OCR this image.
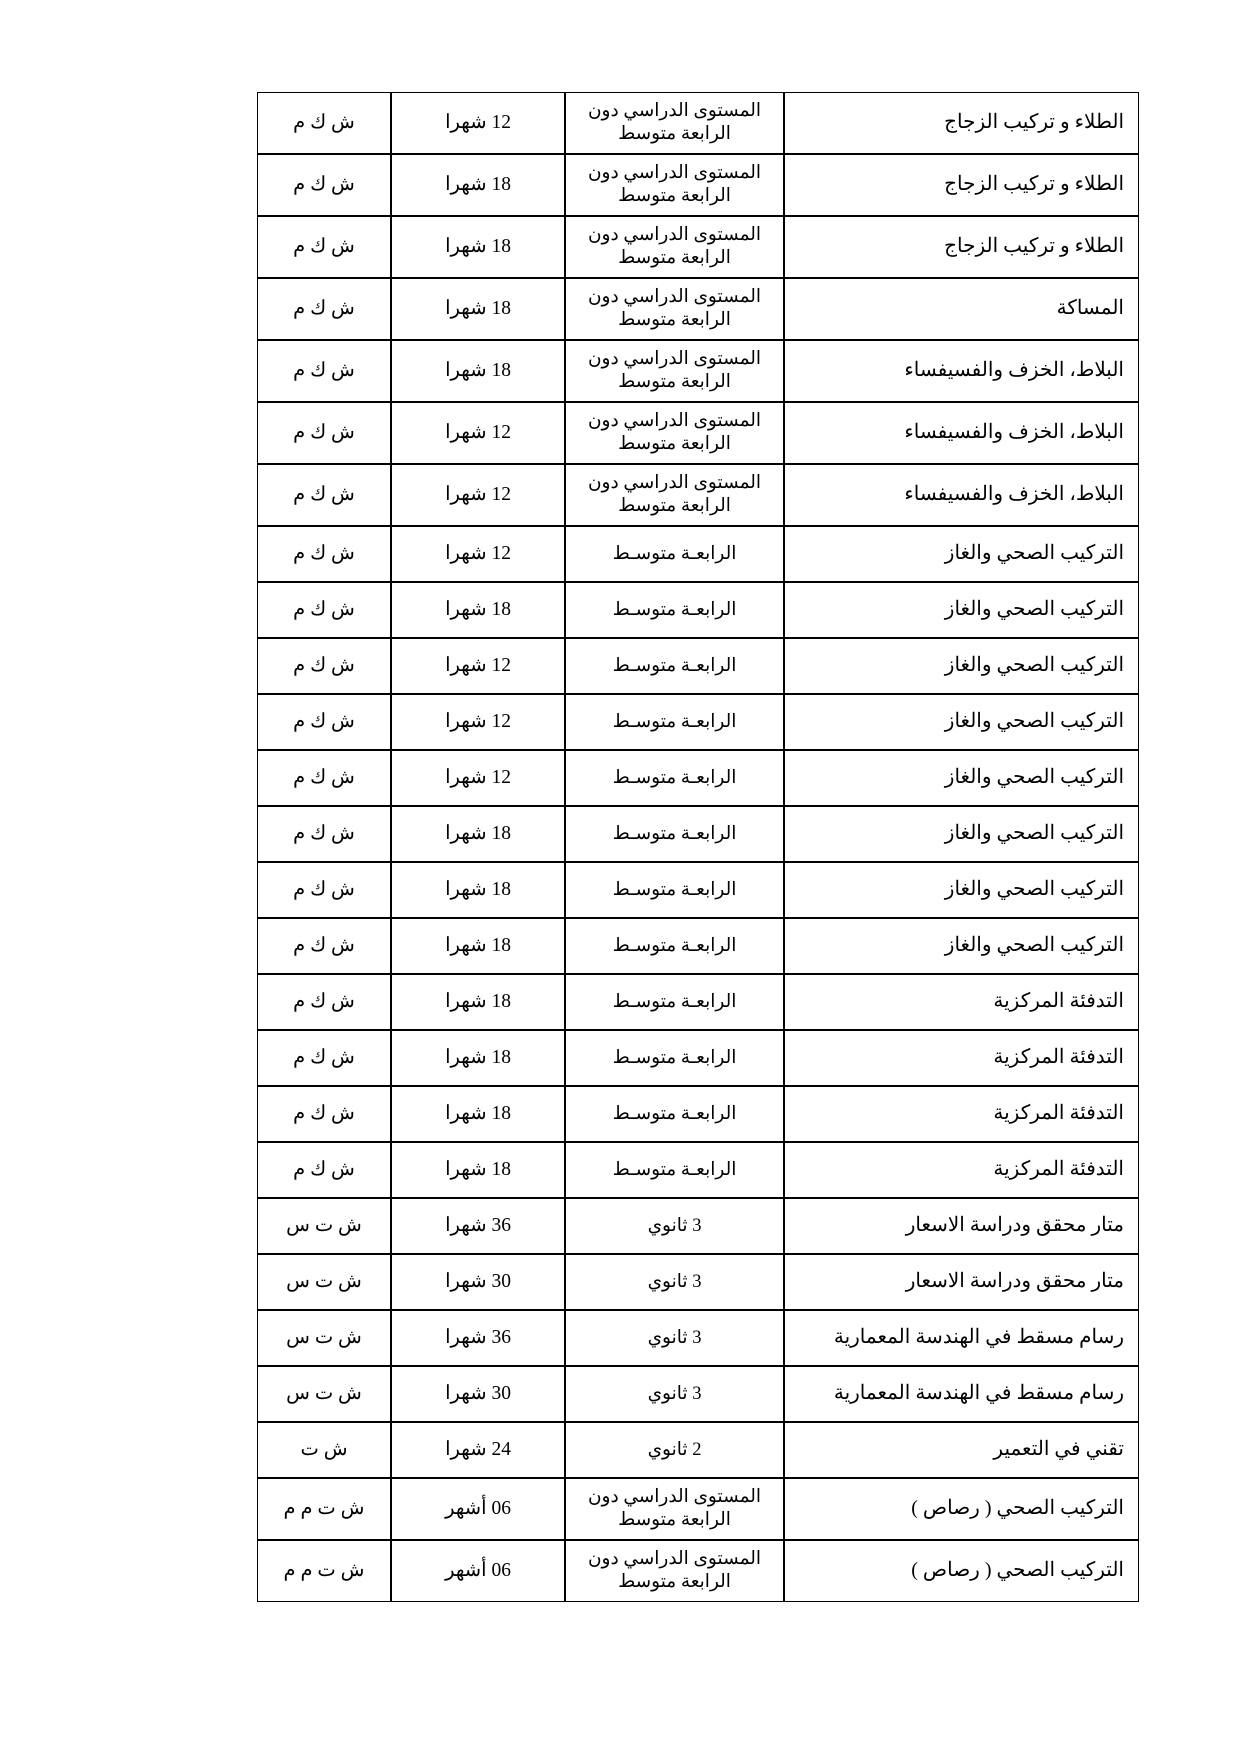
الطلاء و تركيب الزجاج	المستوى الدراسي دون
الرابعة متوسط	12 شهرا	ش ك م

الطلاء و تركيب الزجاج	المستوى الدراسي دون
الرابعة متوسط	18 شهرا	ش ك م

الطلاء و تركيب الزجاج	المستوى الدراسي دون
الرابعة متوسط	18 شهرا	ش ك م

المساكة	المستوى الدراسي دون
الرابعة متوسط	18 شهرا	ش ك م

البلاط، الخزف والفسيفساء	المستوى الدراسي دون
الرابعة متوسط	18 شهرا	ش ك م

البلاط، الخزف والفسيفساء	المستوى الدراسي دون
الرابعة متوسط	12 شهرا	ش ك م

البلاط، الخزف والفسيفساء	المستوى الدراسي دون
الرابعة متوسط	12 شهرا	ش ك م

التركيب الصحي والغاز	الرابعـة متوسـط	12 شهرا	ش ك م

التركيب الصحي والغاز	الرابعـة متوسـط	18 شهرا	ش ك م

التركيب الصحي والغاز	الرابعـة متوسـط	12 شهرا	ش ك م

التركيب الصحي والغاز	الرابعـة متوسـط	12 شهرا	ش ك م

التركيب الصحي والغاز	الرابعـة متوسـط	12 شهرا	ش ك م

التركيب الصحي والغاز	الرابعـة متوسـط	18 شهرا	ش ك م

التركيب الصحي والغاز	الرابعـة متوسـط	18 شهرا	ش ك م

التركيب الصحي والغاز	الرابعـة متوسـط	18 شهرا	ش ك م

التدفئة المركزية	الرابعـة متوسـط	18 شهرا	ش ك م

التدفئة المركزية	الرابعـة متوسـط	18 شهرا	ش ك م

التدفئة المركزية	الرابعـة متوسـط	18 شهرا	ش ك م

التدفئة المركزية	الرابعـة متوسـط	18 شهرا	ش ك م

متار محقق ودراسة الاسعار	3 ثانوي	36 شهرا	ش ت س

متار محقق ودراسة الاسعار	3 ثانوي	30 شهرا	ش ت س

رسام مسقط في الهندسة المعمارية	3 ثانوي	36 شهرا	ش ت س

رسام مسقط في الهندسة المعمارية	3 ثانوي	30 شهرا	ش ت س

تقني في التعمير	2 ثانوي	24 شهرا	ش ت

التركيب الصحي ( رصاص )	المستوى الدراسي دون
الرابعة متوسط	06 أشهر	ش ت م م

التركيب الصحي ( رصاص )	المستوى الدراسي دون
الرابعة متوسط	06 أشهر	ش ت م م
